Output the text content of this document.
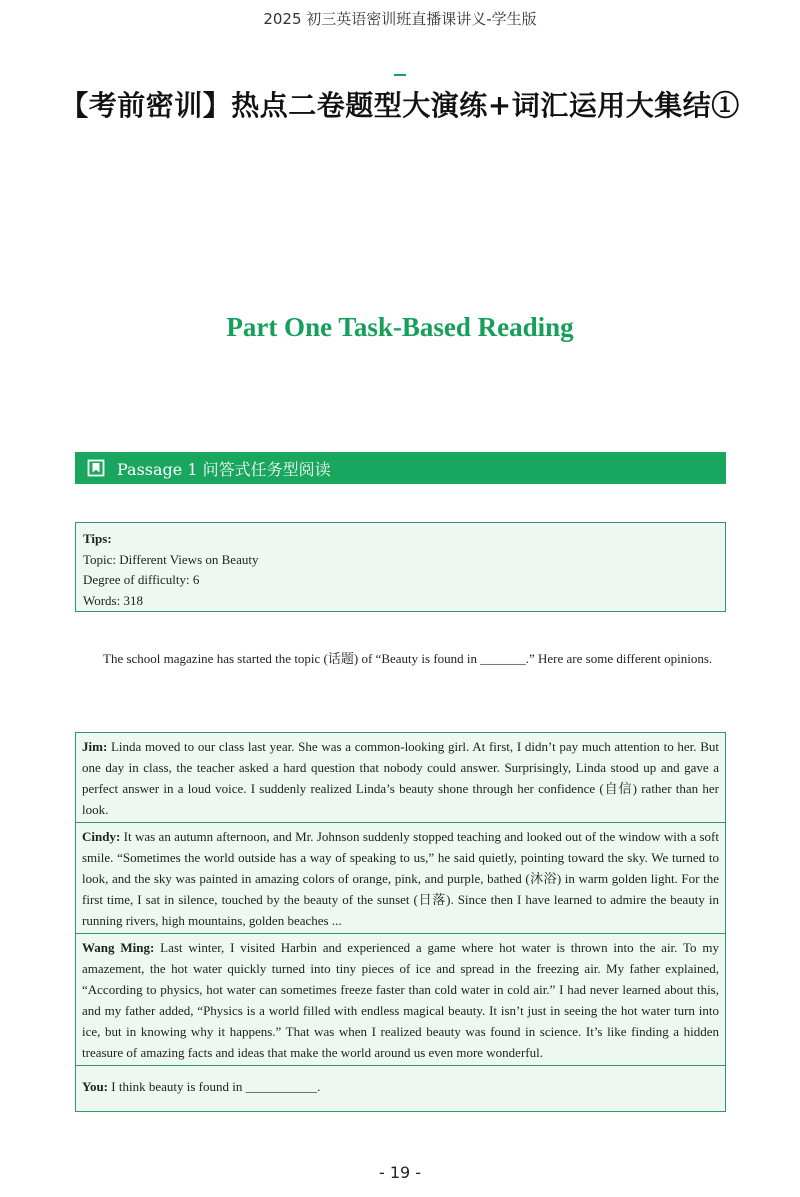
2025 初三英语密训班直播课讲义-学生版
【考前密训】热点二卷题型大演练+词汇运用大集结①
Part One Task-Based Reading
Passage 1 问答式任务型阅读
Tips:
Topic: Different Views on Beauty
Degree of difficulty: 6
Words: 318

The school magazine has started the topic (话题) of “Beauty is found in _______.” Here are some different opinions.

Jim: Linda moved to our class last year. She was a common-looking girl. At first, I didn’t pay much attention to her. But one day in class, the teacher asked a hard question that nobody could answer. Surprisingly, Linda stood up and gave a perfect answer in a loud voice. I suddenly realized Linda’s beauty shone through her confidence (自信) rather than her look.
Cindy: It was an autumn afternoon, and Mr. Johnson suddenly stopped teaching and looked out of the window with a soft smile. “Sometimes the world outside has a way of speaking to us,” he said quietly, pointing toward the sky. We turned to look, and the sky was painted in amazing colors of orange, pink, and purple, bathed (沐浴) in warm golden light. For the first time, I sat in silence, touched by the beauty of the sunset (日落). Since then I have learned to admire the beauty in running rivers, high mountains, golden beaches ...
Wang Ming: Last winter, I visited Harbin and experienced a game where hot water is thrown into the air. To my amazement, the hot water quickly turned into tiny pieces of ice and spread in the freezing air. My father explained, “According to physics, hot water can sometimes freeze faster than cold water in cold air.” I had never learned about this, and my father added, “Physics is a world filled with endless magical beauty. It isn’t just in seeing the hot water turn into ice, but in knowing why it happens.” That was when I realized beauty was found in science. It’s like finding a hidden treasure of amazing facts and ideas that make the world around us even more wonderful.
You: I think beauty is found in ___________.
- 19 -
